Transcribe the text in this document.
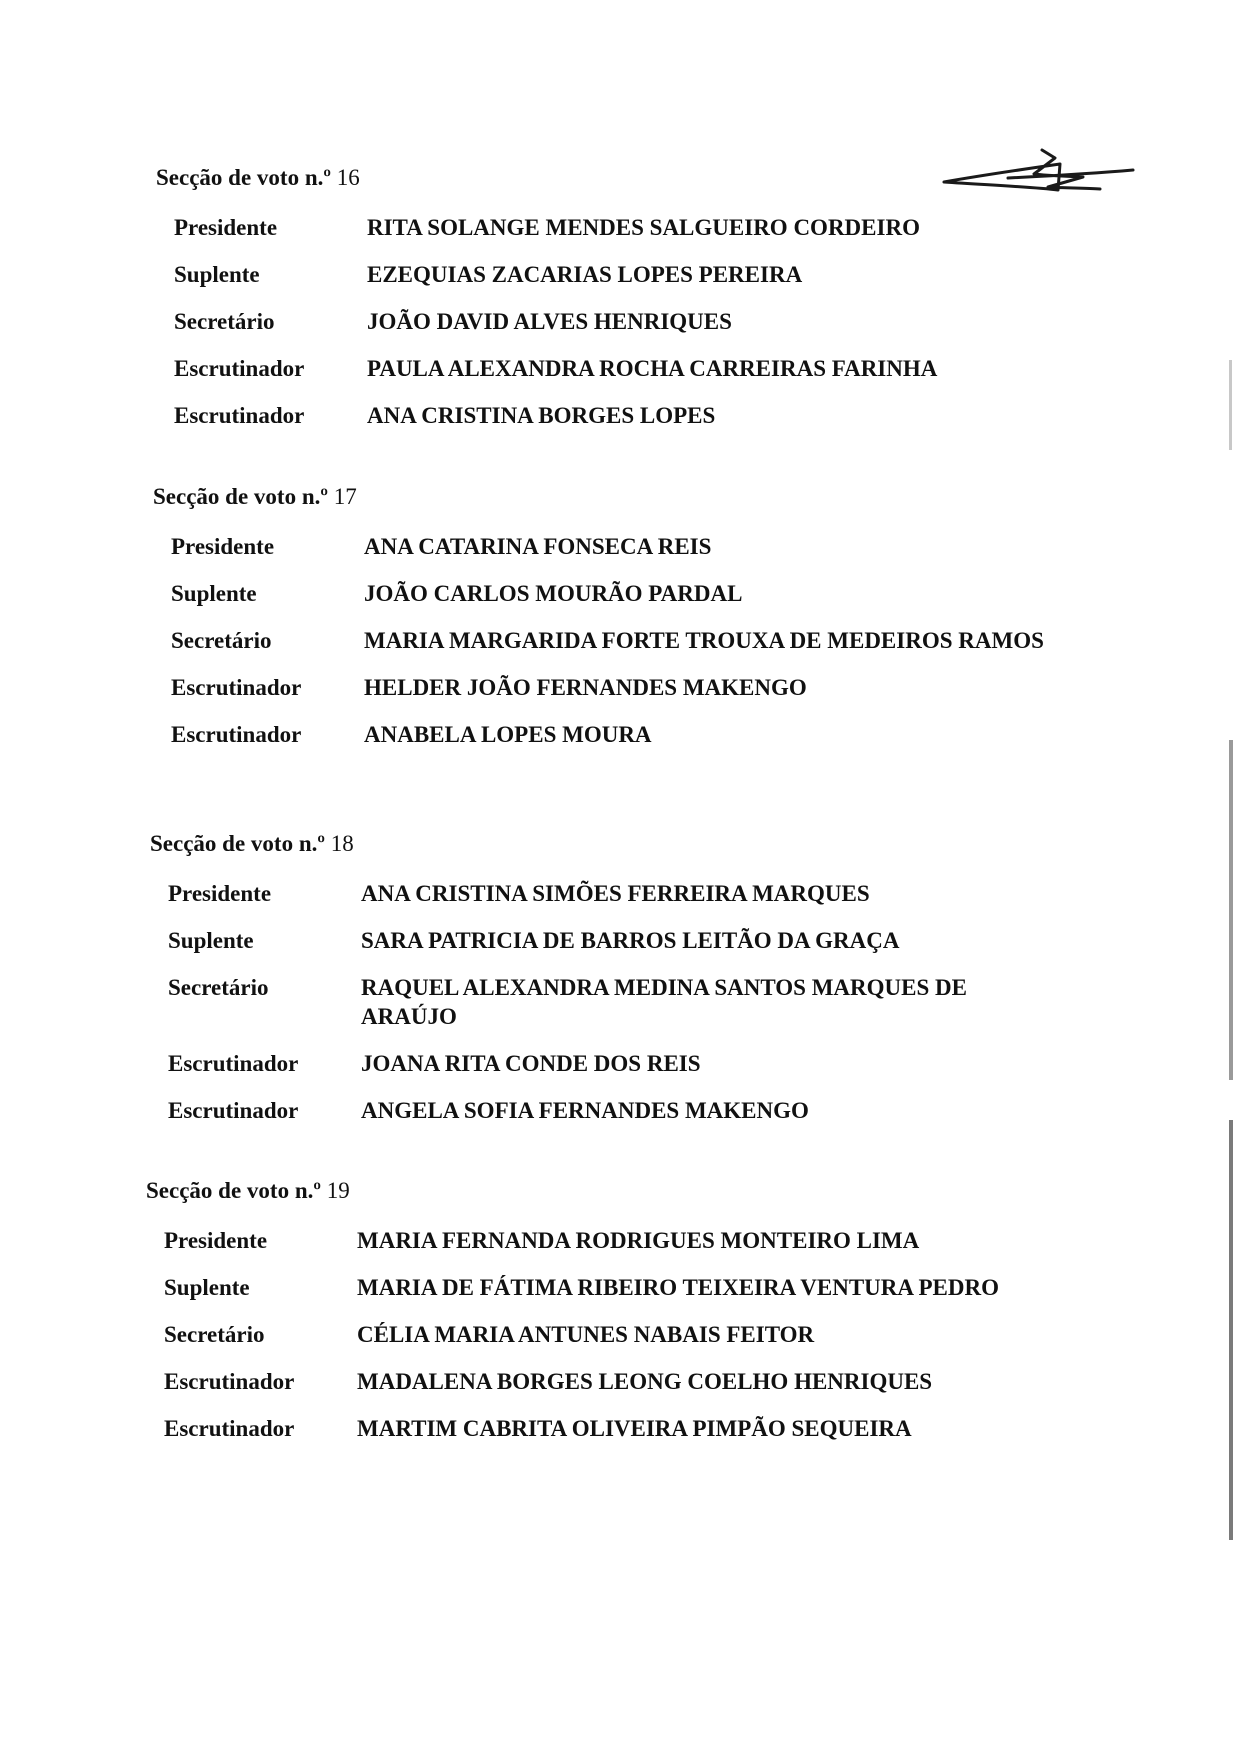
Secção de voto n.º 16
Presidente	RITA SOLANGE MENDES SALGUEIRO CORDEIRO
Suplente	EZEQUIAS ZACARIAS LOPES PEREIRA
Secretário	JOÃO DAVID ALVES HENRIQUES
Escrutinador	PAULA ALEXANDRA ROCHA CARREIRAS FARINHA
Escrutinador	ANA CRISTINA BORGES LOPES
Secção de voto n.º 17
Presidente	ANA CATARINA FONSECA REIS
Suplente	JOÃO CARLOS MOURÃO PARDAL
Secretário	MARIA MARGARIDA FORTE TROUXA DE MEDEIROS RAMOS
Escrutinador	HELDER JOÃO FERNANDES MAKENGO
Escrutinador	ANABELA LOPES MOURA
Secção de voto n.º 18
Presidente	ANA CRISTINA SIMÕES FERREIRA MARQUES
Suplente	SARA PATRICIA DE BARROS LEITÃO DA GRAÇA
Secretário	RAQUEL ALEXANDRA MEDINA SANTOS MARQUES DE ARAÚJO
Escrutinador	JOANA RITA CONDE DOS REIS
Escrutinador	ANGELA SOFIA FERNANDES MAKENGO
Secção de voto n.º 19
Presidente	MARIA FERNANDA RODRIGUES MONTEIRO LIMA
Suplente	MARIA DE FÁTIMA RIBEIRO TEIXEIRA VENTURA PEDRO
Secretário	CÉLIA MARIA ANTUNES NABAIS FEITOR
Escrutinador	MADALENA BORGES LEONG COELHO HENRIQUES
Escrutinador	MARTIM CABRITA OLIVEIRA PIMPÃO SEQUEIRA
